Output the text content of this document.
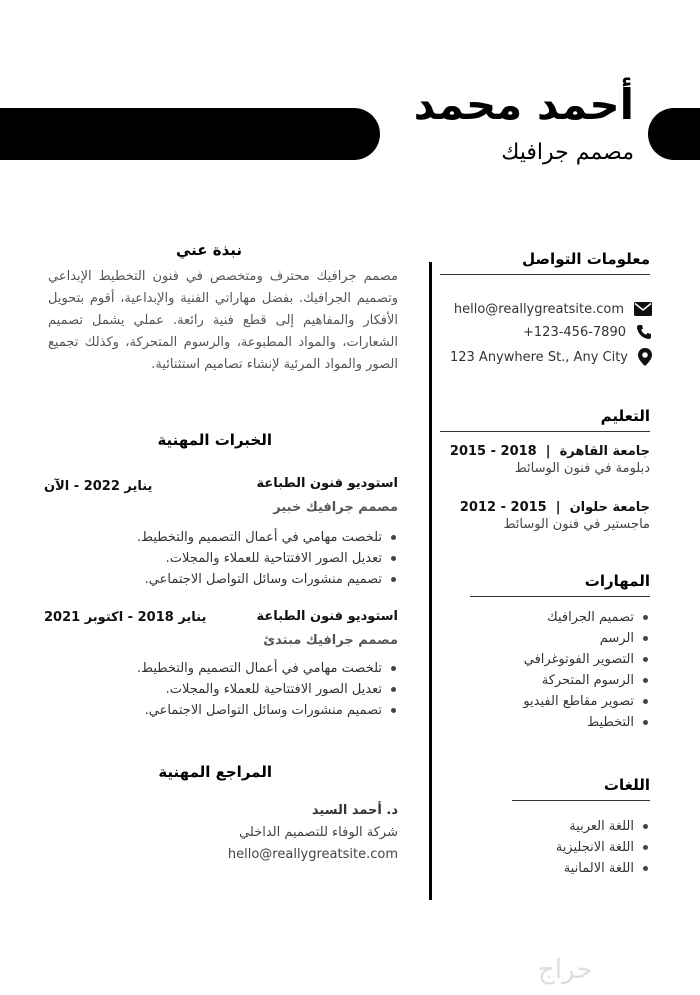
أحمد محمد
مصمم جرافيك
معلومات التواصل
hello@reallygreatsite.com
+123-456-7890
123 Anywhere St., Any City
التعليم
جامعة القاهرة  |  2015 - 2018
دبلومة في فنون الوسائط
جامعة حلوان  |  2012 - 2015
ماجستير في فنون الوسائط
المهارات
تصميم الجرافيك
الرسم
التصوير الفوتوغرافي
الرسوم المتحركة
تصوير مقاطع الفيديو
التخطيط
اللغات
اللغة العربية
اللغة الانجليزية
اللغة الالمانية
نبذة عني
مصمم جرافيك محترف ومتخصص في فنون التخطيط الإبداعي وتصميم الجرافيك. بفضل مهاراتي الفنية والإبداعية، أقوم بتحويل الأفكار والمفاهيم إلى قطع فنية رائعة. عملي يشمل تصميم الشعارات، والمواد المطبوعة، والرسوم المتحركة، وكذلك تجميع الصور والمواد المرئية لإنشاء تصاميم استثنائية.
الخبرات المهنية
استوديو فنون الطباعة
يناير 2022 - الآن
مصمم جرافيك خبير
تلخصت مهامي في أعمال التصميم والتخطيط.
تعديل الصور الافتتاحية للعملاء والمجلات.
تصميم منشورات وسائل التواصل الاجتماعي.
استوديو فنون الطباعة
يناير 2018 - اكتوبر 2021
مصمم جرافيك مبتدئ
تلخصت مهامي في أعمال التصميم والتخطيط.
تعديل الصور الافتتاحية للعملاء والمجلات.
تصميم منشورات وسائل التواصل الاجتماعي.
المراجع المهنية
د. أحمد السيد
شركة الوفاء للتصميم الداخلي
hello@reallygreatsite.com
حراج
